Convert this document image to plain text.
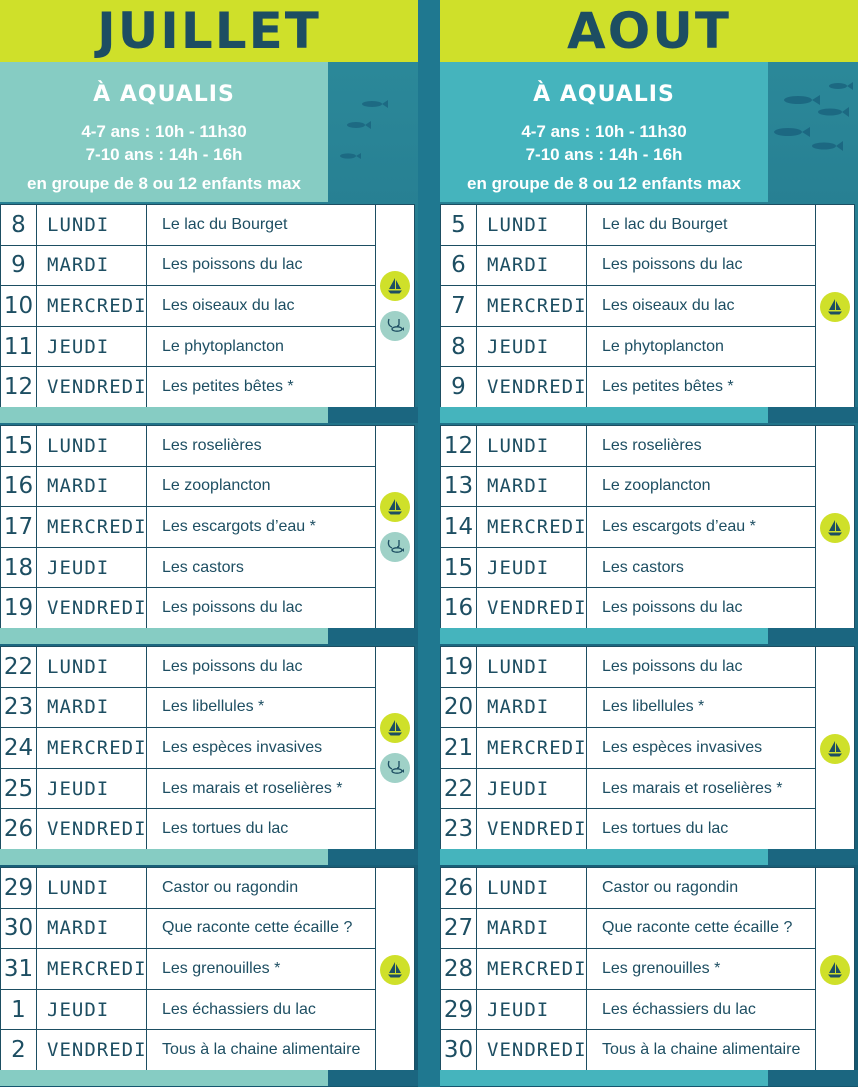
JUILLET
À AQUALIS
4-7 ans : 10h - 11h30
7-10 ans : 14h - 16h
en groupe de 8 ou 12 enfants max
8	LUNDI	Le lac du Bourget
9	MARDI	Les poissons du lac
10 MERCREDI Les oiseaux du lac
11 JEUDI	Le phytoplancton
12 VENDREDI Les petites bêtes *
15 LUNDI	Les roselières
16 MARDI	Le zooplancton
17 MERCREDI Les escargots d’eau *
18 JEUDI	Les castors
19 VENDREDI Les poissons du lac
22 LUNDI	Les poissons du lac
23 MARDI	Les libellules *
24 MERCREDI Les espèces invasives
25 JEUDI	Les marais et roselières *
26 VENDREDI Les tortues du lac
29 LUNDI	Castor ou ragondin
30 MARDI	Que raconte cette écaille ?
31 MERCREDI Les grenouilles *
1	JEUDI	Les échassiers du lac
2	VENDREDI Tous à la chaine alimentaire
AOUT
À AQUALIS
4-7 ans : 10h - 11h30
7-10 ans : 14h - 16h
en groupe de 8 ou 12 enfants max
5	LUNDI	Le lac du Bourget
6	MARDI	Les poissons du lac
7	MERCREDI Les oiseaux du lac
8	JEUDI	Le phytoplancton
9	VENDREDI Les petites bêtes *
12 LUNDI	Les roselières
13 MARDI	Le zooplancton
14 MERCREDI Les escargots d’eau *
15 JEUDI	Les castors
16 VENDREDI Les poissons du lac
19 LUNDI	Les poissons du lac
20 MARDI	Les libellules *
21 MERCREDI Les espèces invasives
22 JEUDI	Les marais et roselières *
23 VENDREDI Les tortues du lac
26 LUNDI	Castor ou ragondin
27 MARDI	Que raconte cette écaille ?
28 MERCREDI Les grenouilles *
29 JEUDI	Les échassiers du lac
30 VENDREDI Tous à la chaine alimentaire
